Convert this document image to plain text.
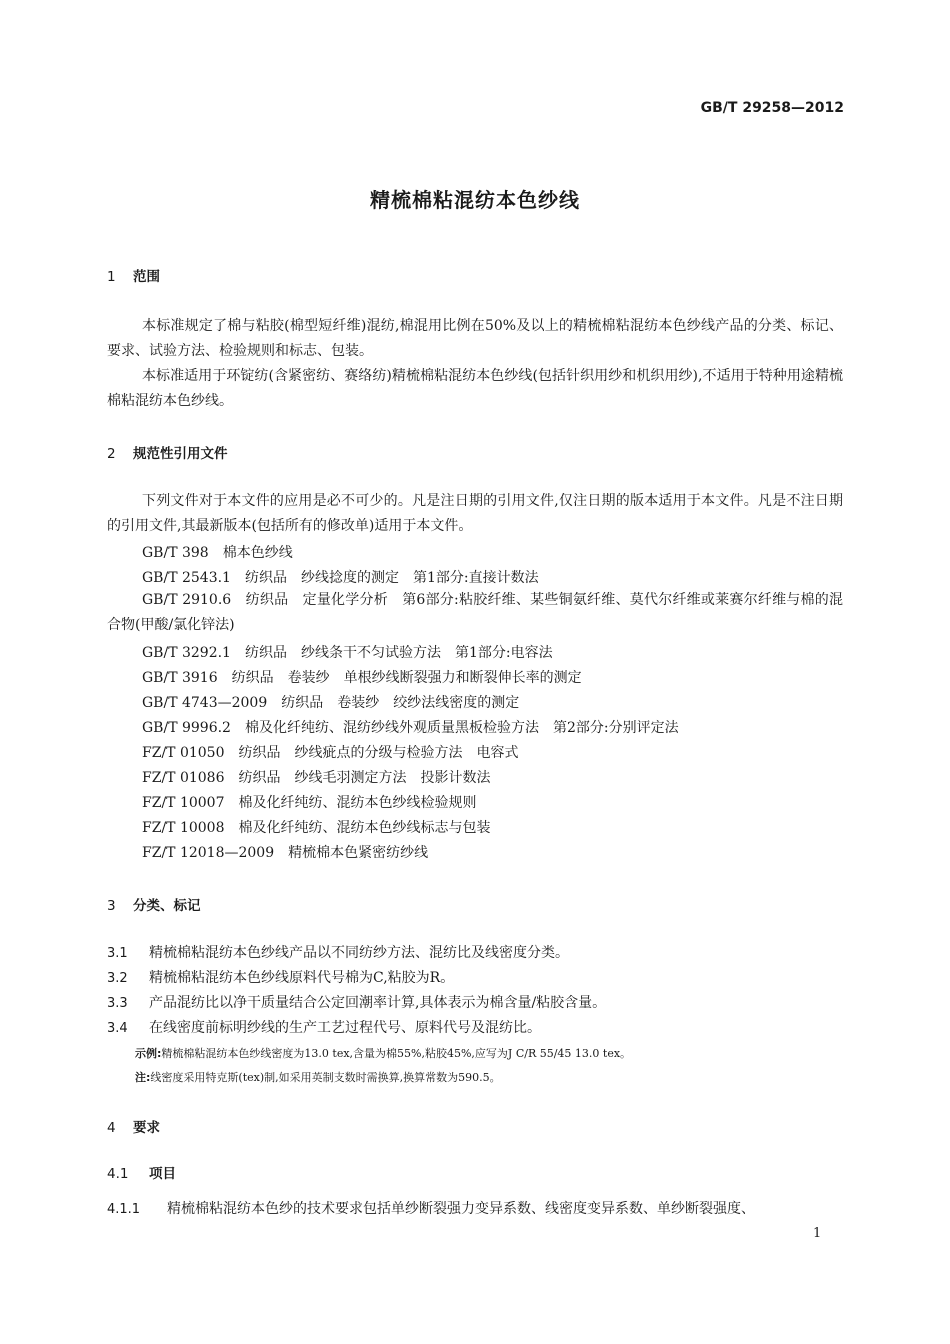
GB/T 29258—2012
精梳棉粘混纺本色纱线
1 范围
本标准规定了棉与粘胶(棉型短纤维)混纺,棉混用比例在50%及以上的精梳棉粘混纺本色纱线产品的分类、标记、要求、试验方法、检验规则和标志、包装。
本标准适用于环锭纺(含紧密纺、赛络纺)精梳棉粘混纺本色纱线(包括针织用纱和机织用纱),不适用于特种用途精梳棉粘混纺本色纱线。
2 规范性引用文件
下列文件对于本文件的应用是必不可少的。凡是注日期的引用文件,仅注日期的版本适用于本文件。凡是不注日期的引用文件,其最新版本(包括所有的修改单)适用于本文件。
GB/T 398　棉本色纱线
GB/T 2543.1　纺织品　纱线捻度的测定　第1部分:直接计数法
GB/T 2910.6　纺织品　定量化学分析　第6部分:粘胶纤维、某些铜氨纤维、莫代尔纤维或莱赛尔纤维与棉的混合物(甲酸/氯化锌法)
GB/T 3292.1　纺织品　纱线条干不匀试验方法　第1部分:电容法
GB/T 3916　纺织品　卷装纱　单根纱线断裂强力和断裂伸长率的测定
GB/T 4743—2009　纺织品　卷装纱　绞纱法线密度的测定
GB/T 9996.2　棉及化纤纯纺、混纺纱线外观质量黑板检验方法　第2部分:分别评定法
FZ/T 01050　纺织品　纱线疵点的分级与检验方法　电容式
FZ/T 01086　纺织品　纱线毛羽测定方法　投影计数法
FZ/T 10007　棉及化纤纯纺、混纺本色纱线检验规则
FZ/T 10008　棉及化纤纯纺、混纺本色纱线标志与包装
FZ/T 12018—2009　精梳棉本色紧密纺纱线
3 分类、标记
3.1 精梳棉粘混纺本色纱线产品以不同纺纱方法、混纺比及线密度分类。
3.2 精梳棉粘混纺本色纱线原料代号棉为C,粘胶为R。
3.3 产品混纺比以净干质量结合公定回潮率计算,具体表示为棉含量/粘胶含量。
3.4 在线密度前标明纱线的生产工艺过程代号、原料代号及混纺比。
示例:精梳棉粘混纺本色纱线密度为13.0 tex,含量为棉55%,粘胶45%,应写为J C/R 55/45 13.0 tex。
注:线密度采用特克斯(tex)制,如采用英制支数时需换算,换算常数为590.5。
4 要求
4.1 项目
4.1.1 精梳棉粘混纺本色纱的技术要求包括单纱断裂强力变异系数、线密度变异系数、单纱断裂强度、
1
